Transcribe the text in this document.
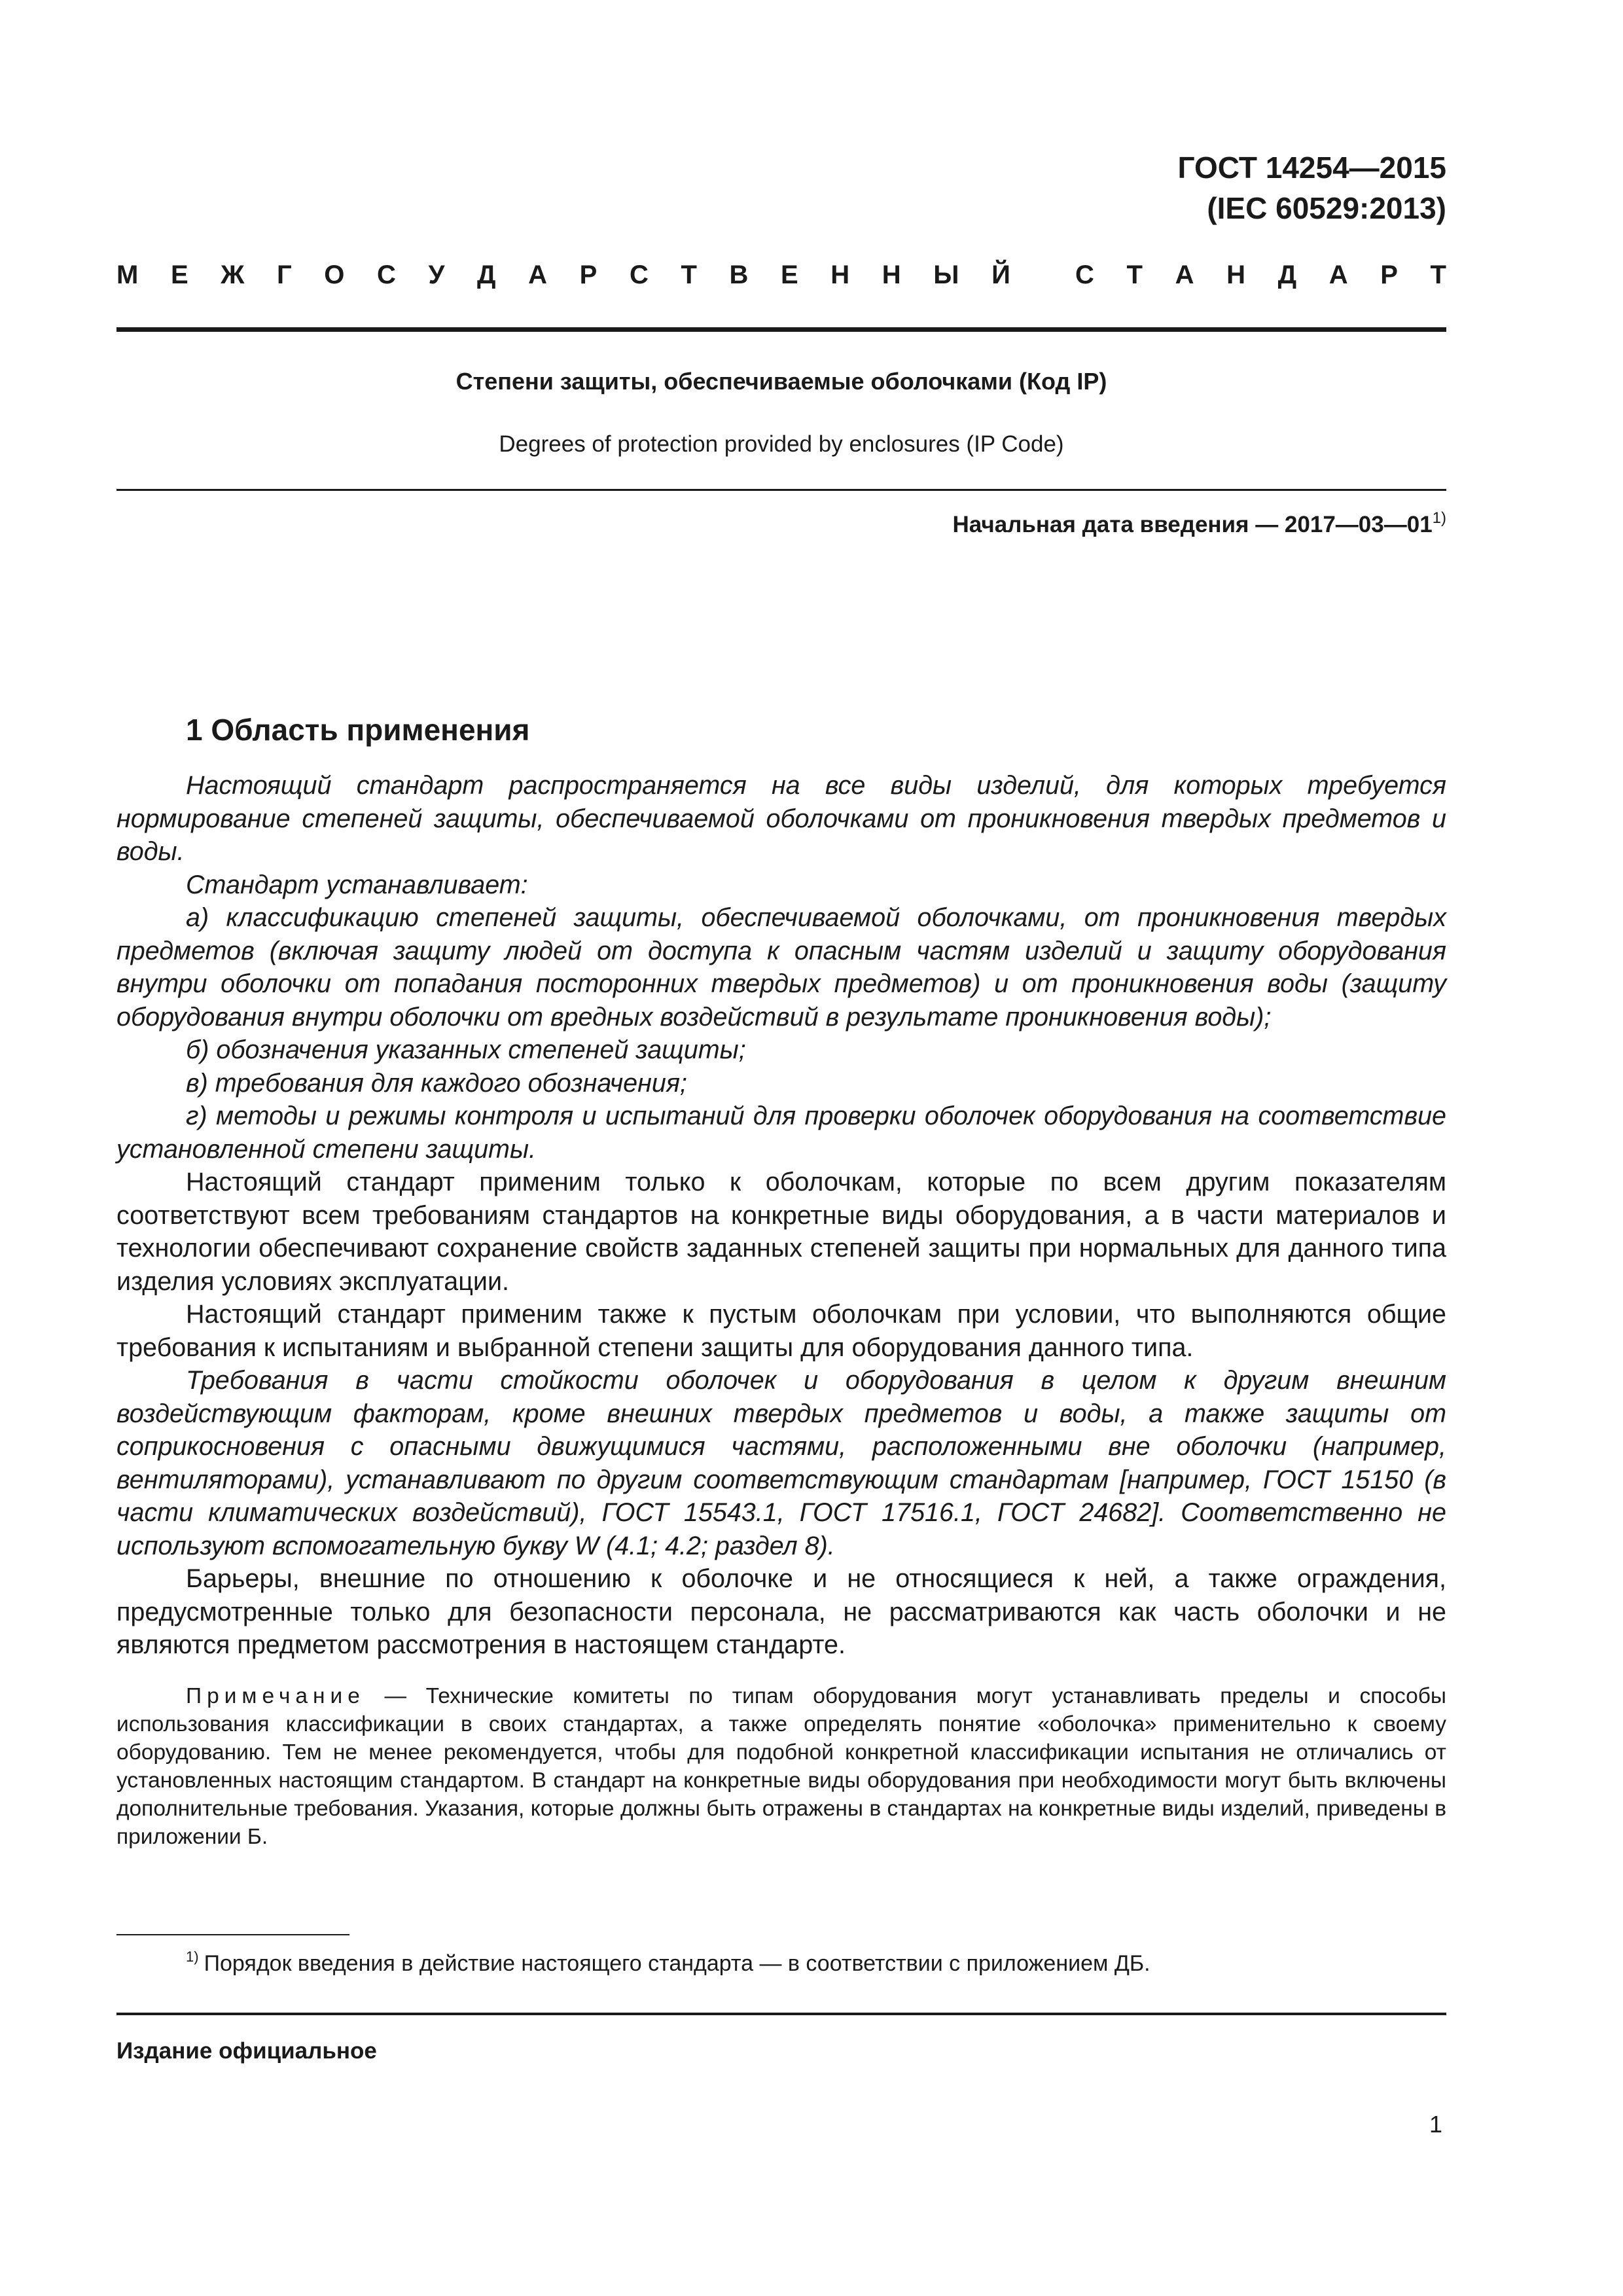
ГОСТ 14254—2015
(IEC 60529:2013)
М Е Ж Г О С У Д А Р С Т В Е Н Н Ы Й С Т А Н Д А Р Т
Степени защиты, обеспечиваемые оболочками (Код IP)
Degrees of protection provided by enclosures (IP Code)
Начальная дата введения — 2017—03—01$^{1)}$
1 Область применения

Настоящий стандарт распространяется на все виды изделий, для которых требуется нормирование степеней защиты, обеспечиваемой оболочками от проникновения твердых предметов и воды.

Стандарт устанавливает:

а) классификацию степеней защиты, обеспечиваемой оболочками, от проникновения твердых предметов (включая защиту людей от доступа к опасным частям изделий и защиту оборудования внутри оболочки от попадания посторонних твердых предметов) и от проникновения воды (защиту оборудования внутри оболочки от вредных воздействий в результате проникновения воды);

б) обозначения указанных степеней защиты;

в) требования для каждого обозначения;

г) методы и режимы контроля и испытаний для проверки оболочек оборудования на соответствие установленной степени защиты.

Настоящий стандарт применим только к оболочкам, которые по всем другим показателям соответствуют всем требованиям стандартов на конкретные виды оборудования, а в части материалов и технологии обеспечивают сохранение свойств заданных степеней защиты при нормальных для данного типа изделия условиях эксплуатации.

Настоящий стандарт применим также к пустым оболочкам при условии, что выполняются общие требования к испытаниям и выбранной степени защиты для оборудования данного типа.

Требования в части стойкости оболочек и оборудования в целом к другим внешним воздействующим факторам, кроме внешних твердых предметов и воды, а также защиты от соприкосновения с опасными движущимися частями, расположенными вне оболочки (например, вентиляторами), устанавливают по другим соответствующим стандартам [например, ГОСТ 15150 (в части климатических воздействий), ГОСТ 15543.1, ГОСТ 17516.1, ГОСТ 24682]. Соответственно не используют вспомогательную букву W (4.1; 4.2; раздел 8).

Барьеры, внешние по отношению к оболочке и не относящиеся к ней, а также ограждения, предусмотренные только для безопасности персонала, не рассматриваются как часть оболочки и не являются предметом рассмотрения в настоящем стандарте.

Примечание — Технические комитеты по типам оборудования могут устанавливать пределы и способы использования классификации в своих стандартах, а также определять понятие «оболочка» применительно к своему оборудованию. Тем не менее рекомендуется, чтобы для подобной конкретной классификации испытания не отличались от установленных настоящим стандартом. В стандарт на конкретные виды оборудования при необходимости могут быть включены дополнительные требования. Указания, которые должны быть отражены в стандартах на конкретные виды изделий, приведены в приложении Б.

$^{1)}$ Порядок введения в действие настоящего стандарта — в соответствии с приложением ДБ.
Издание официальное
1
